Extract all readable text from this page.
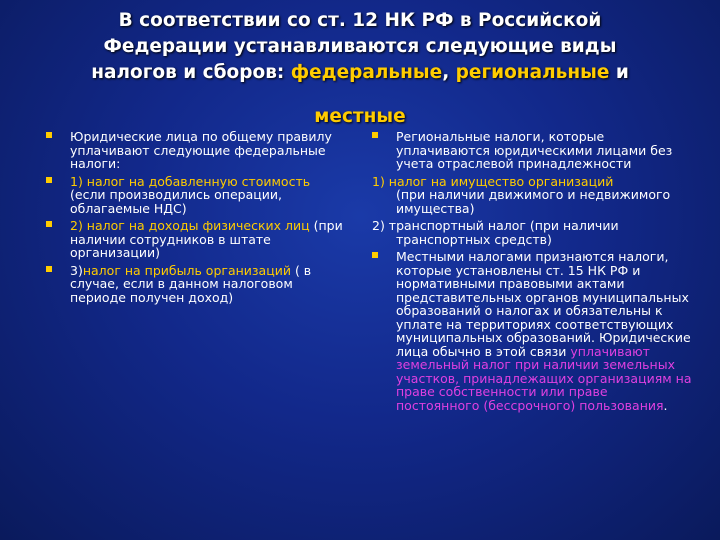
В соответствии со ст. 12 НК РФ в Российской
Федерации устанавливаются следующие виды
налогов и сборов: федеральные, региональные и
местные
Юридические лица по общему правилу уплачивают следующие федеральные налоги:
1) налог на добавленную стоимость (если производились операции, облагаемые НДС)
2) налог на доходы физических лиц (при наличии сотрудников в штате организации)
3)налог на прибыль организаций ( в случае, если в данном налоговом периоде получен доход)
Региональные налоги, которые уплачиваются юридическими лицами без учета отраслевой принадлежности
1) налог на имущество организаций
(при наличии движимого и недвижимого имущества)
2) транспортный налог (при наличии
транспортных средств)
Местными налогами признаются налоги, которые установлены ст. 15 НК РФ и нормативными правовыми актами представительных органов муниципальных образований о налогах и обязательны к уплате на территориях соответствующих муниципальных образований. Юридические лица обычно в этой связи уплачивают земельный налог при наличии земельных участков, принадлежащих организациям на праве собственности или праве постоянного (бессрочного) пользования.
